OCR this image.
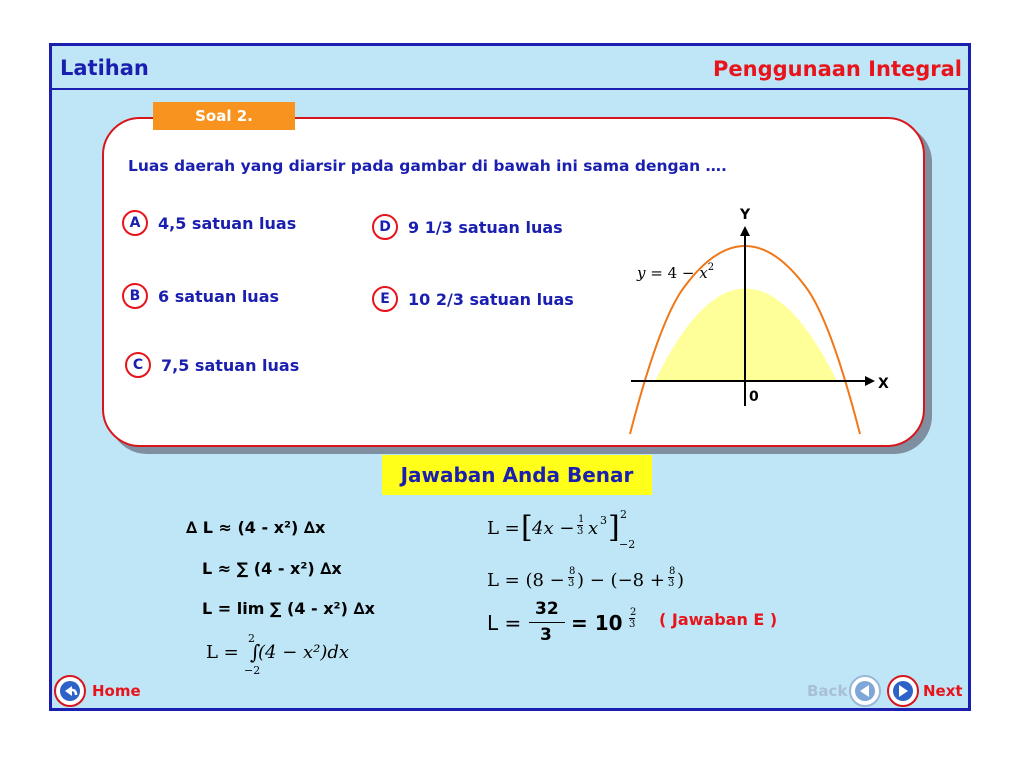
Latihan	Penggunaan Integral
Soal 2.
Luas daerah yang diarsir pada gambar di bawah ini sama dengan ….
A	4,5 satuan luas
B	6 satuan luas
C	7,5 satuan luas
D	9 1/3 satuan luas
E	10 2/3 satuan luas
Y
X
0
$y = 4 - x^2$
Jawaban Anda Benar
∆ L ≈ (4 - x²) ∆x
L ≈ ∑ (4 - x²) ∆x
L = lim ∑ (4 - x²) ∆x
L =
2
∫
−2
(4 − x²)dx
L = [ 4x − 1
3 x 3 ] 2
−2
L = (8 − 8
3 ) − (−8 + 8
3 )
L =
32
3 = 10 2
3 ( Jawaban E )
Home	Back	Next
